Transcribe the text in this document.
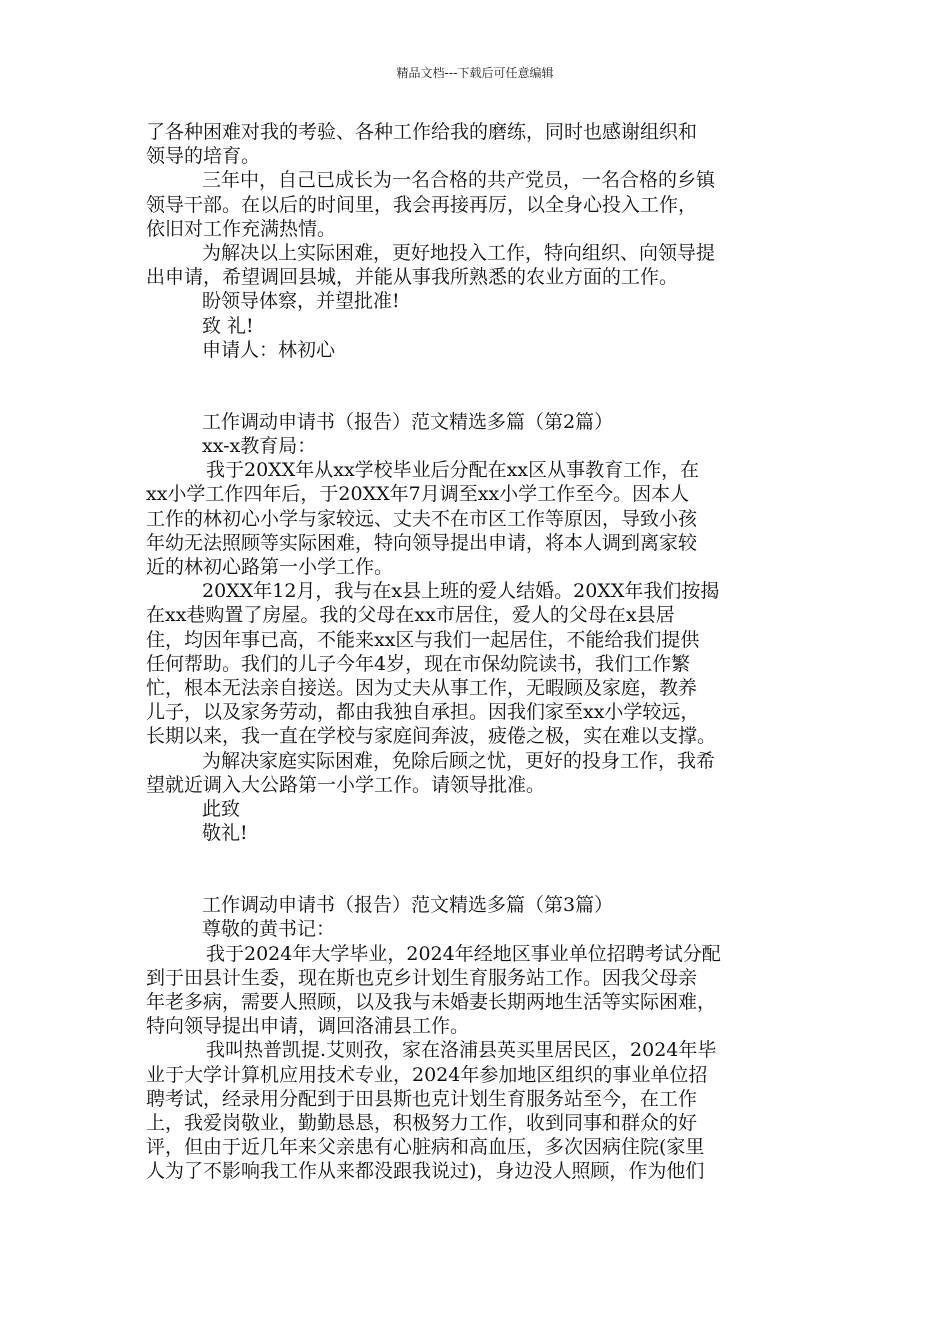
精品文档---下载后可任意编辑
了各种困难对我的考验、各种工作给我的磨练，同时也感谢组织和
领导的培育。
三年中，自己已成长为一名合格的共产党员，一名合格的乡镇
领导干部。在以后的时间里，我会再接再厉，以全身心投入工作，
依旧对工作充满热情。
为解决以上实际困难，更好地投入工作，特向组织、向领导提
出申请，希望调回县城，并能从事我所熟悉的农业方面的工作。
盼领导体察，并望批准!
致 礼!
申请人：林初心
工作调动申请书（报告）范文精选多篇（第2篇）
xx-x教育局：
我于20XX年从xx学校毕业后分配在xx区从事教育工作，在
xx小学工作四年后，于20XX年7月调至xx小学工作至今。因本人
工作的林初心小学与家较远、丈夫不在市区工作等原因，导致小孩
年幼无法照顾等实际困难，特向领导提出申请，将本人调到离家较
近的林初心路第一小学工作。
20XX年12月，我与在x县上班的爱人结婚。20XX年我们按揭
在xx巷购置了房屋。我的父母在xx市居住，爱人的父母在x县居
住，均因年事已高，不能来xx区与我们一起居住，不能给我们提供
任何帮助。我们的儿子今年4岁，现在市保幼院读书，我们工作繁
忙，根本无法亲自接送。因为丈夫从事工作，无暇顾及家庭，教养
儿子，以及家务劳动，都由我独自承担。因我们家至xx小学较远，
长期以来，我一直在学校与家庭间奔波，疲倦之极，实在难以支撑。
为解决家庭实际困难，免除后顾之忧，更好的投身工作，我希
望就近调入大公路第一小学工作。请领导批准。
此致
敬礼!
工作调动申请书（报告）范文精选多篇（第3篇）
尊敬的黄书记：
我于2024年大学毕业，2024年经地区事业单位招聘考试分配
到于田县计生委，现在斯也克乡计划生育服务站工作。因我父母亲
年老多病，需要人照顾，以及我与未婚妻长期两地生活等实际困难，
特向领导提出申请，调回洛浦县工作。
我叫热普凯提.艾则孜，家在洛浦县英买里居民区，2024年毕
业于大学计算机应用技术专业，2024年参加地区组织的事业单位招
聘考试，经录用分配到于田县斯也克计划生育服务站至今，在工作
上，我爱岗敬业，勤勤恳恳，积极努力工作，收到同事和群众的好
评，但由于近几年来父亲患有心脏病和高血压，多次因病住院(家里
人为了不影响我工作从来都没跟我说过)，身边没人照顾，作为他们
